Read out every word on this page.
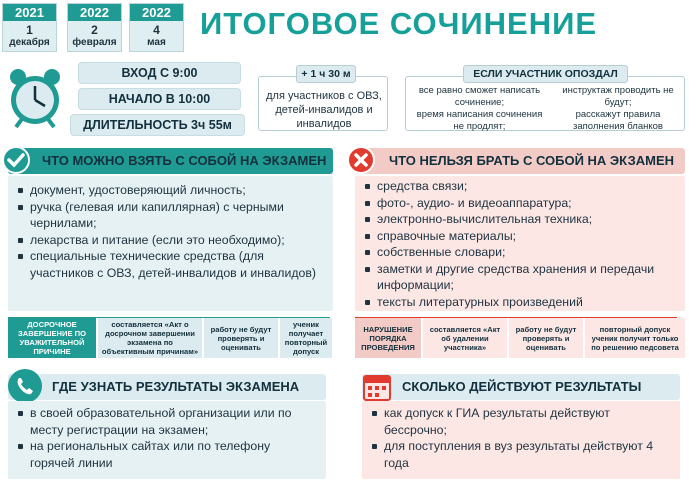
2021
1
декабря
2022
2
февраля
2022
4
мая
ИТОГОВОЕ СОЧИНЕНИЕ
ВХОД С 9:00
НАЧАЛО В 10:00
ДЛИТЕЛЬНОСТЬ 3ч 55м
для участников с ОВЗ, детей-инвалидов и инвалидов
+ 1 ч 30 м
все равно сможет написать сочинение;
время написания сочинения не продлят;
инструктаж проводить не будут;
расскажут правила заполнения бланков
ЕСЛИ УЧАСТНИК ОПОЗДАЛ
ЧТО МОЖНО ВЗЯТЬ С СОБОЙ НА ЭКЗАМЕН
документ, удостоверяющий личность;
ручка (гелевая или капиллярная) с черными чернилами;
лекарства и питание (если это необходимо);
специальные технические средства (для участников с ОВЗ, детей-инвалидов и инвалидов)
ЧТО НЕЛЬЗЯ БРАТЬ С СОБОЙ НА ЭКЗАМЕН
средства связи;
фото-, аудио- и видеоаппаратура;
электронно-вычислительная техника;
справочные материалы;
собственные словари;
заметки и другие средства хранения и передачи информации;
тексты литературных произведений
ДОСРОЧНОЕ ЗАВЕРШЕНИЕ ПО УВАЖИТЕЛЬНОЙ ПРИЧИНЕ
составляется «Акт о досрочном завершении экзамена по объективным причинам»
работу не будут проверять и оценивать
ученик получает повторный допуск
НАРУШЕНИЕ ПОРЯДКА ПРОВЕДЕНИЯ
составляется «Акт об удалении участника»
работу не будут проверять и оценивать
повторный допуск ученик получит только по решению педсовета
ГДЕ УЗНАТЬ РЕЗУЛЬТАТЫ ЭКЗАМЕНА
в своей образовательной организации или по месту регистрации на экзамен;
на региональных сайтах или по телефону горячей линии
СКОЛЬКО ДЕЙСТВУЮТ РЕЗУЛЬТАТЫ
как допуск к ГИА результаты действуют бессрочно;
для поступления в вуз результаты действуют 4 года
